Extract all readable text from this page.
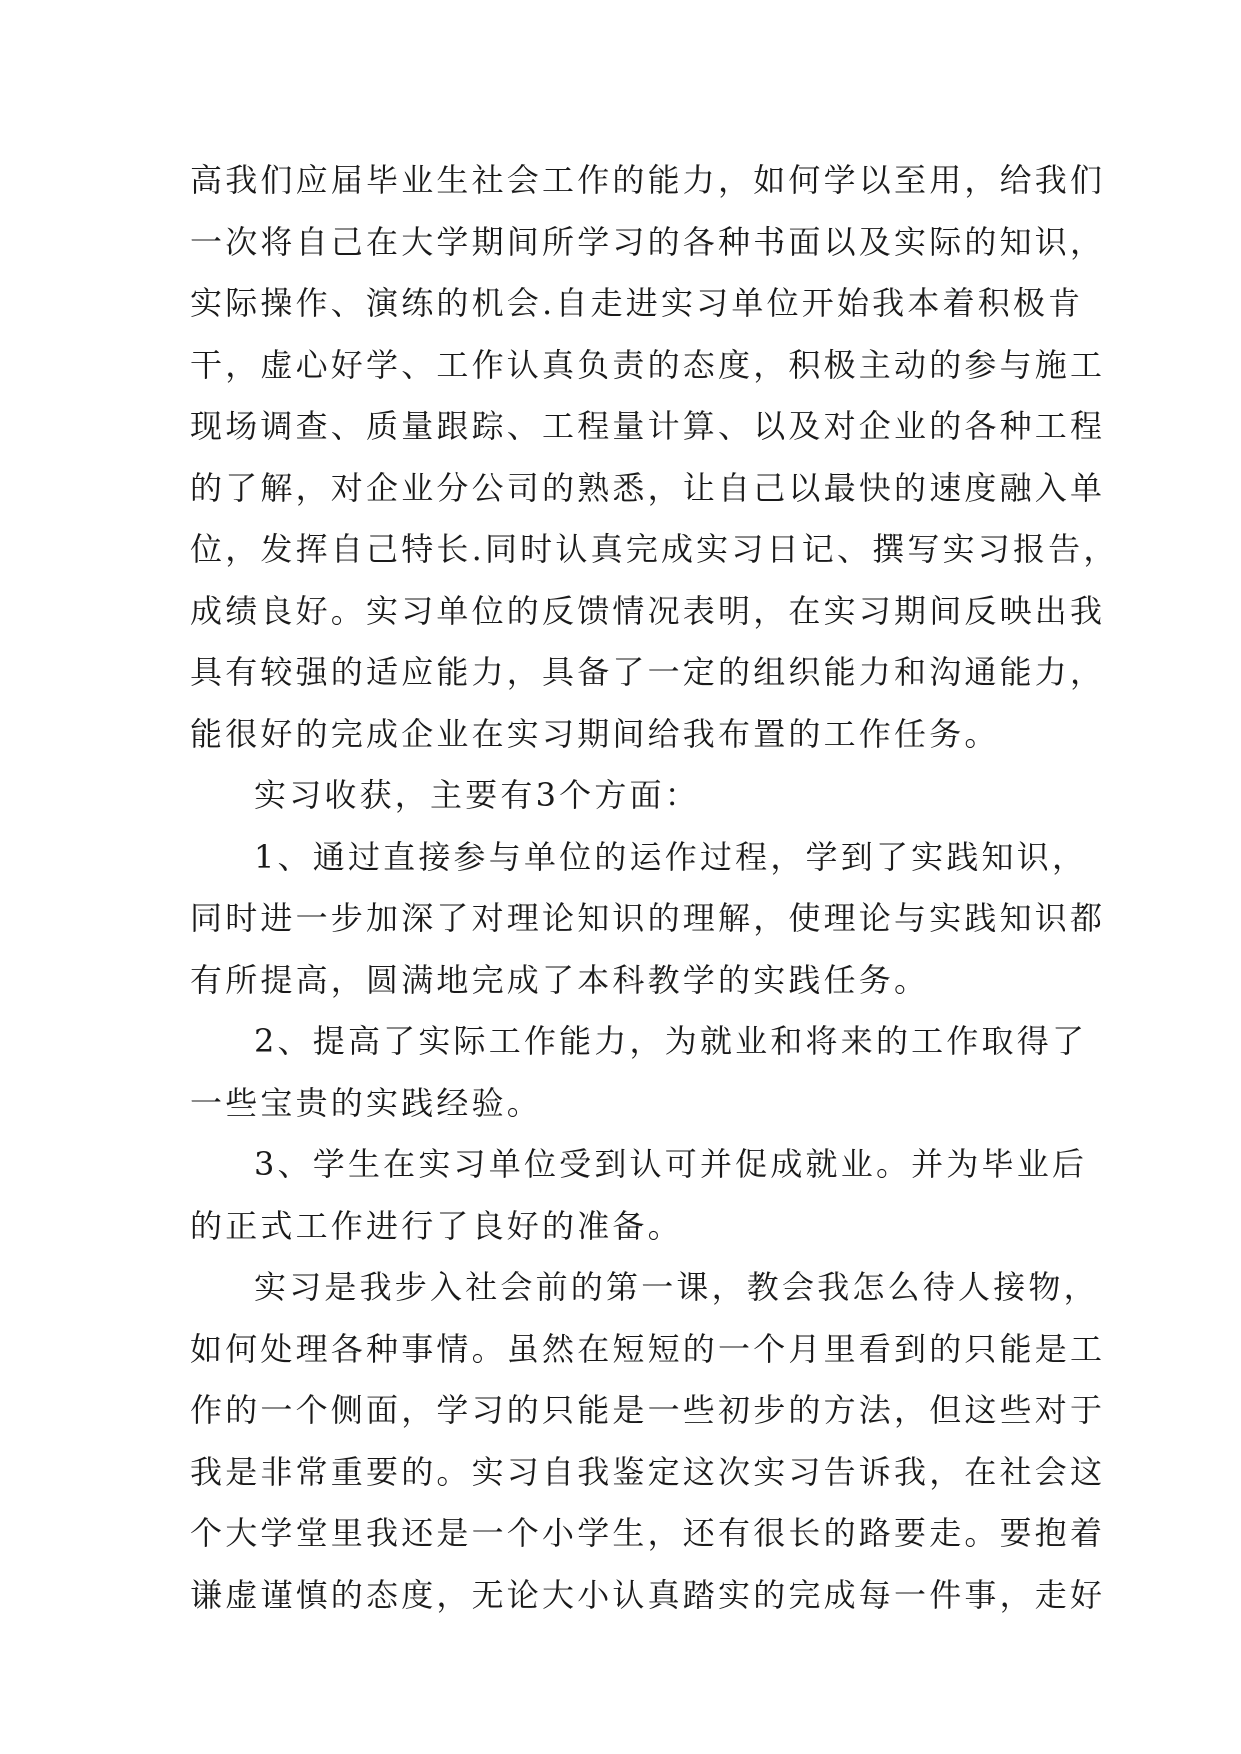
高我们应届毕业生社会工作的能力，如何学以至用，给我们
一次将自己在大学期间所学习的各种书面以及实际的知识，
实际操作、演练的机会.自走进实习单位开始我本着积极肯
干，虚心好学、工作认真负责的态度，积极主动的参与施工
现场调查、质量跟踪、工程量计算、以及对企业的各种工程
的了解，对企业分公司的熟悉，让自己以最快的速度融入单
位，发挥自己特长.同时认真完成实习日记、撰写实习报告，
成绩良好。实习单位的反馈情况表明，在实习期间反映出我
具有较强的适应能力，具备了一定的组织能力和沟通能力，
能很好的完成企业在实习期间给我布置的工作任务。
实习收获，主要有3个方面：
1、通过直接参与单位的运作过程，学到了实践知识，
同时进一步加深了对理论知识的理解，使理论与实践知识都
有所提高，圆满地完成了本科教学的实践任务。
2、提高了实际工作能力，为就业和将来的工作取得了
一些宝贵的实践经验。
3、学生在实习单位受到认可并促成就业。并为毕业后
的正式工作进行了良好的准备。
实习是我步入社会前的第一课，教会我怎么待人接物，
如何处理各种事情。虽然在短短的一个月里看到的只能是工
作的一个侧面，学习的只能是一些初步的方法，但这些对于
我是非常重要的。实习自我鉴定这次实习告诉我，在社会这
个大学堂里我还是一个小学生，还有很长的路要走。要抱着
谦虚谨慎的态度，无论大小认真踏实的完成每一件事，走好
